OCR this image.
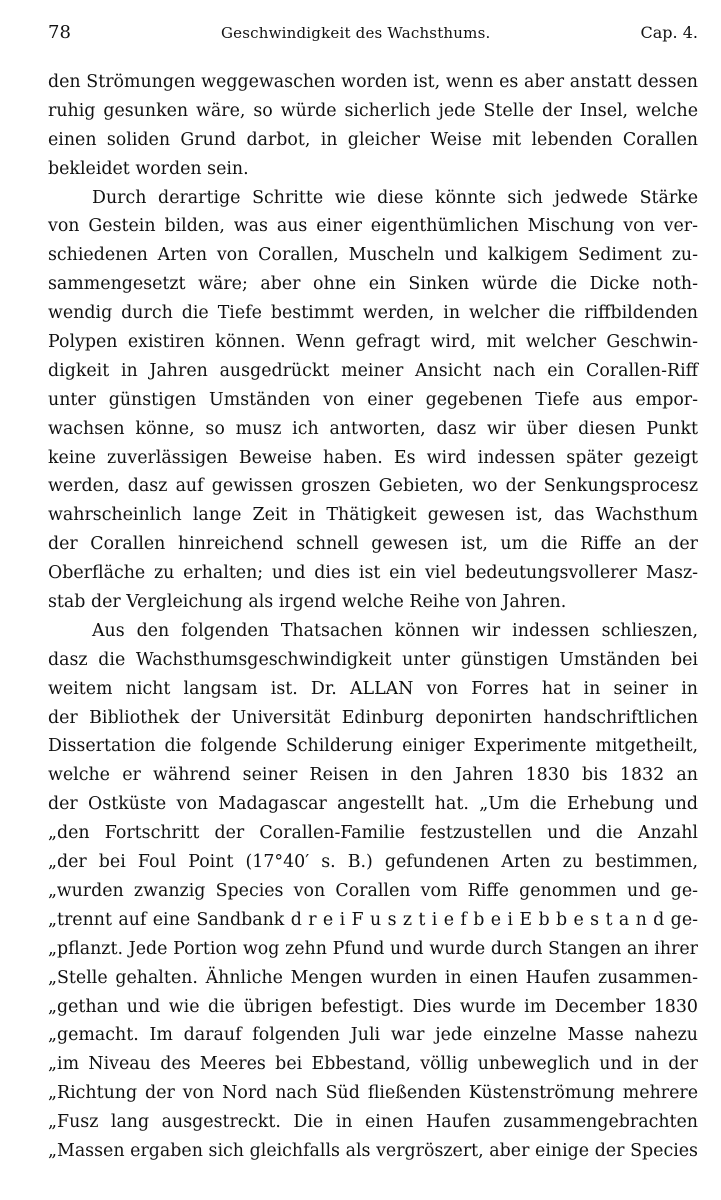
78	Geschwindigkeit des Wachsthums.	Cap. 4.
den Strömungen weggewaschen worden ist, wenn es aber anstatt dessen
ruhig gesunken wäre, so würde sicherlich jede Stelle der Insel, welche
einen soliden Grund darbot, in gleicher Weise mit lebenden Corallen
bekleidet worden sein.
Durch derartige Schritte wie diese könnte sich jedwede Stärke
von Gestein bilden, was aus einer eigenthümlichen Mischung von ver-
schiedenen Arten von Corallen, Muscheln und kalkigem Sediment zu-
sammengesetzt wäre; aber ohne ein Sinken würde die Dicke noth-
wendig durch die Tiefe bestimmt werden, in welcher die riffbildenden
Polypen existiren können. Wenn gefragt wird, mit welcher Geschwin-
digkeit in Jahren ausgedrückt meiner Ansicht nach ein Corallen-Riff
unter günstigen Umständen von einer gegebenen Tiefe aus empor-
wachsen könne, so musz ich antworten, dasz wir über diesen Punkt
keine zuverlässigen Beweise haben. Es wird indessen später gezeigt
werden, dasz auf gewissen groszen Gebieten, wo der Senkungsprocesz
wahrscheinlich lange Zeit in Thätigkeit gewesen ist, das Wachsthum
der Corallen hinreichend schnell gewesen ist, um die Riffe an der
Oberfläche zu erhalten; und dies ist ein viel bedeutungsvollerer Masz-
stab der Vergleichung als irgend welche Reihe von Jahren.
Aus den folgenden Thatsachen können wir indessen schlieszen,
dasz die Wachsthumsgeschwindigkeit unter günstigen Umständen bei
weitem nicht langsam ist. Dr. ALLAN von Forres hat in seiner in
der Bibliothek der Universität Edinburg deponirten handschriftlichen
Dissertation die folgende Schilderung einiger Experimente mitgetheilt,
welche er während seiner Reisen in den Jahren 1830 bis 1832 an
der Ostküste von Madagascar angestellt hat. „Um die Erhebung und
„den Fortschritt der Corallen-Familie festzustellen und die Anzahl
„der bei Foul Point (17°40′ s. B.) gefundenen Arten zu bestimmen,
„wurden zwanzig Species von Corallen vom Riffe genommen und ge-
„trennt auf eine Sandbank d r e i F u s z t i e f b e i E b b e s t a n d ge-
„pflanzt. Jede Portion wog zehn Pfund und wurde durch Stangen an ihrer
„Stelle gehalten. Ähnliche Mengen wurden in einen Haufen zusammen-
„gethan und wie die übrigen befestigt. Dies wurde im December 1830
„gemacht. Im darauf folgenden Juli war jede einzelne Masse nahezu
„im Niveau des Meeres bei Ebbestand, völlig unbeweglich und in der
„Richtung der von Nord nach Süd fließenden Küstenströmung mehrere
„Fusz lang ausgestreckt. Die in einen Haufen zusammengebrachten
„Massen ergaben sich gleichfalls als vergröszert, aber einige der Species
